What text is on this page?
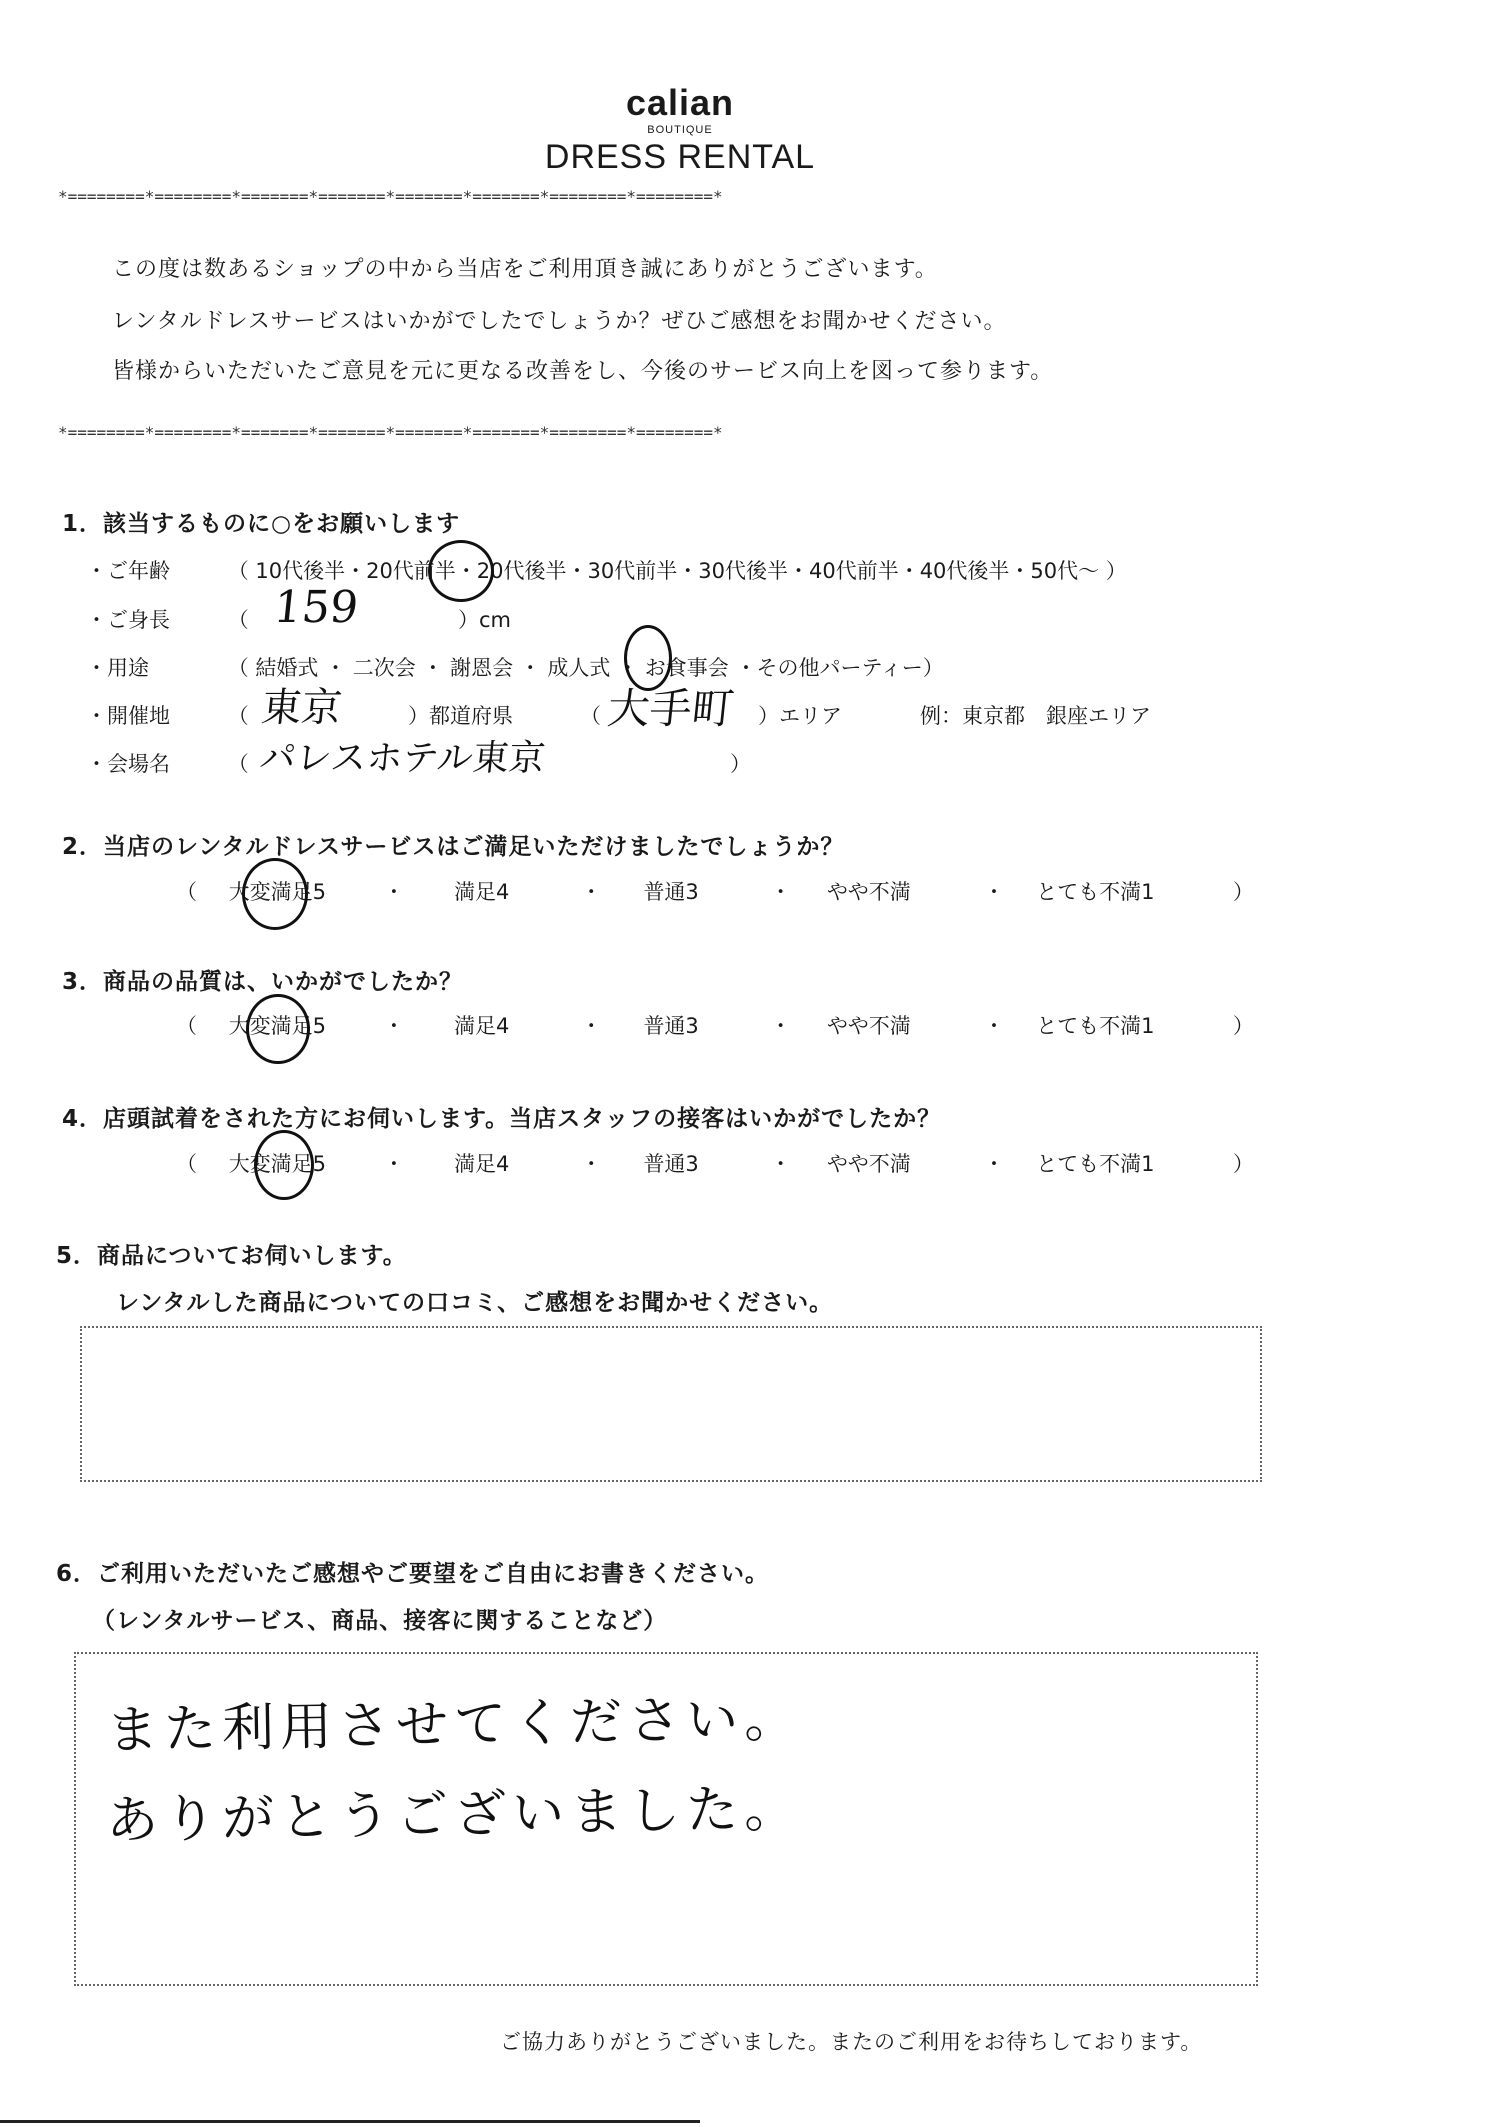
calian
BOUTIQUE
DRESS RENTAL
*========*========*=======*=======*=======*=======*========*========*
この度は数あるショップの中から当店をご利用頂き誠にありがとうございます。
レンタルドレスサービスはいかがでしたでしょうか？ぜひご感想をお聞かせください。
皆様からいただいたご意見を元に更なる改善をし、今後のサービス向上を図って参ります。
*========*========*=======*=======*=======*=======*========*========*
1．該当するものに○をお願いします
・ご年齢	（ 10代後半・20代前半・20代後半・30代前半・30代後半・40代前半・40代後半・50代～ ）
・ご身長	（ 159	）cm
・用途	（ 結婚式 ・ 二次会 ・ 謝恩会 ・ 成人式 ・ お食事会 ・その他パーティー）
・開催地	（ 東京	）都道府県	（ 大手町 ）エリア	例：東京都　銀座エリア
・会場名	（ パレスホテル東京	）
2．当店のレンタルドレスサービスはご満足いただけましたでしょうか？
（ 大変満足5	・ 満足4	・ 普通3	・ やや不満	・ とても不満1	）
3．商品の品質は、いかがでしたか？
（ 大変満足5	・ 満足4	・ 普通3	・ やや不満	・ とても不満1	）
4．店頭試着をされた方にお伺いします。当店スタッフの接客はいかがでしたか？
（ 大変満足5	・ 満足4	・ 普通3	・ やや不満	・ とても不満1	）
5．商品についてお伺いします。
レンタルした商品についての口コミ、ご感想をお聞かせください。
6．ご利用いただいたご感想やご要望をご自由にお書きください。
（レンタルサービス、商品、接客に関することなど）
また利用させてください。
ありがとうございました。
ご協力ありがとうございました。またのご利用をお待ちしております。
